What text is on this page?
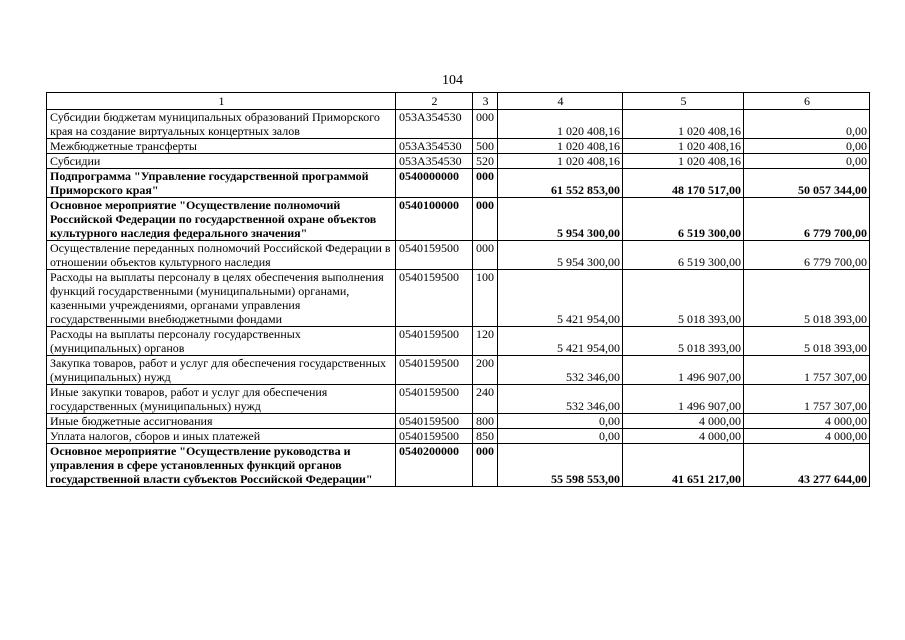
104
1	2	3	4	5	6
Субсидии бюджетам муниципальных образований Приморского края на создание виртуальных концертных залов	053А354530	000	1 020 408,16	1 020 408,16	0,00
Межбюджетные трансферты	053А354530	500	1 020 408,16	1 020 408,16	0,00
Субсидии	053А354530	520	1 020 408,16	1 020 408,16	0,00
Подпрограмма "Управление государственной программой Приморского края"	0540000000	000	61 552 853,00	48 170 517,00	50 057 344,00
Основное мероприятие "Осуществление полномочий Российской Федерации по государственной охране объектов культурного наследия федерального значения"	0540100000	000	5 954 300,00	6 519 300,00	6 779 700,00
Осуществление переданных полномочий Российской Федерации в отношении объектов культурного наследия	0540159500	000	5 954 300,00	6 519 300,00	6 779 700,00
Расходы на выплаты персоналу в целях обеспечения выполнения функций государственными (муниципальными) органами, казенными учреждениями, органами управления государственными внебюджетными фондами	0540159500	100	5 421 954,00	5 018 393,00	5 018 393,00
Расходы на выплаты персоналу государственных (муниципальных) органов	0540159500	120	5 421 954,00	5 018 393,00	5 018 393,00
Закупка товаров, работ и услуг для обеспечения государственных (муниципальных) нужд	0540159500	200	532 346,00	1 496 907,00	1 757 307,00
Иные закупки товаров, работ и услуг для обеспечения государственных (муниципальных) нужд	0540159500	240	532 346,00	1 496 907,00	1 757 307,00
Иные бюджетные ассигнования	0540159500	800	0,00	4 000,00	4 000,00
Уплата налогов, сборов и иных платежей	0540159500	850	0,00	4 000,00	4 000,00
Основное мероприятие "Осуществление руководства и управления в сфере установленных функций органов государственной власти субъектов Российской Федерации"	0540200000	000	55 598 553,00	41 651 217,00	43 277 644,00
